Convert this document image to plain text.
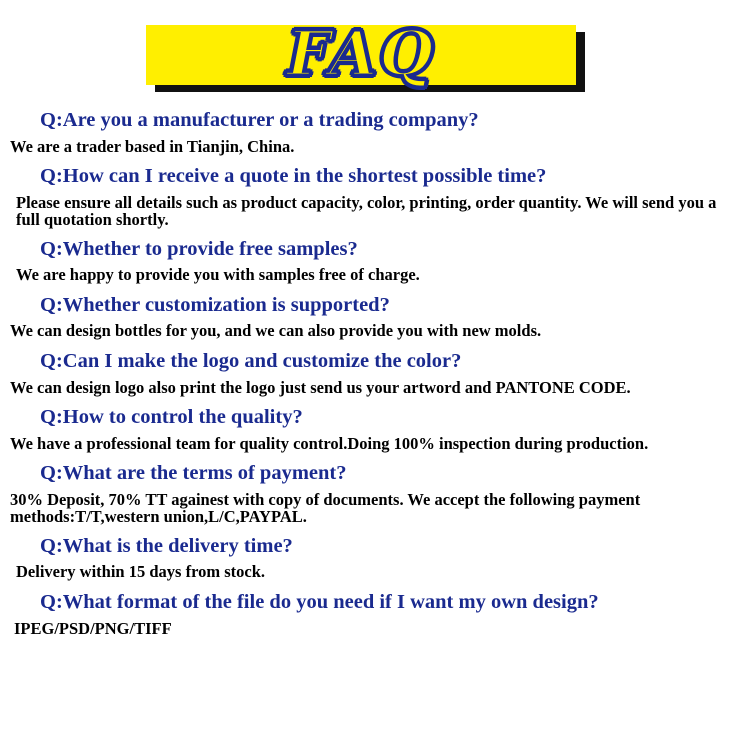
FAQ
Q:Are you a manufacturer or a trading company?
We are a trader based in Tianjin, China.
Q:How can I receive a quote in the shortest possible time?
Please ensure all details such as product capacity, color, printing, order quantity. We will send you a full quotation shortly.
Q:Whether to provide free samples?
We are happy to provide you with samples free of charge.
Q:Whether customization is supported?
We can design bottles for you, and we can also provide you with new molds.
Q:Can I make the logo and customize the color?
We can design logo also print the logo just send us your artword and PANTONE CODE.
Q:How to control the quality?
We have a professional team for quality control.Doing 100% inspection during production.
Q:What are the terms of payment?
30% Deposit, 70% TT againest with copy of documents. We accept the following payment methods:T/T,western union,L/C,PAYPAL.
Q:What is the delivery time?
Delivery within 15 days from stock.
Q:What format of the file do you need if I want my own design?
IPEG/PSD/PNG/TIFF
